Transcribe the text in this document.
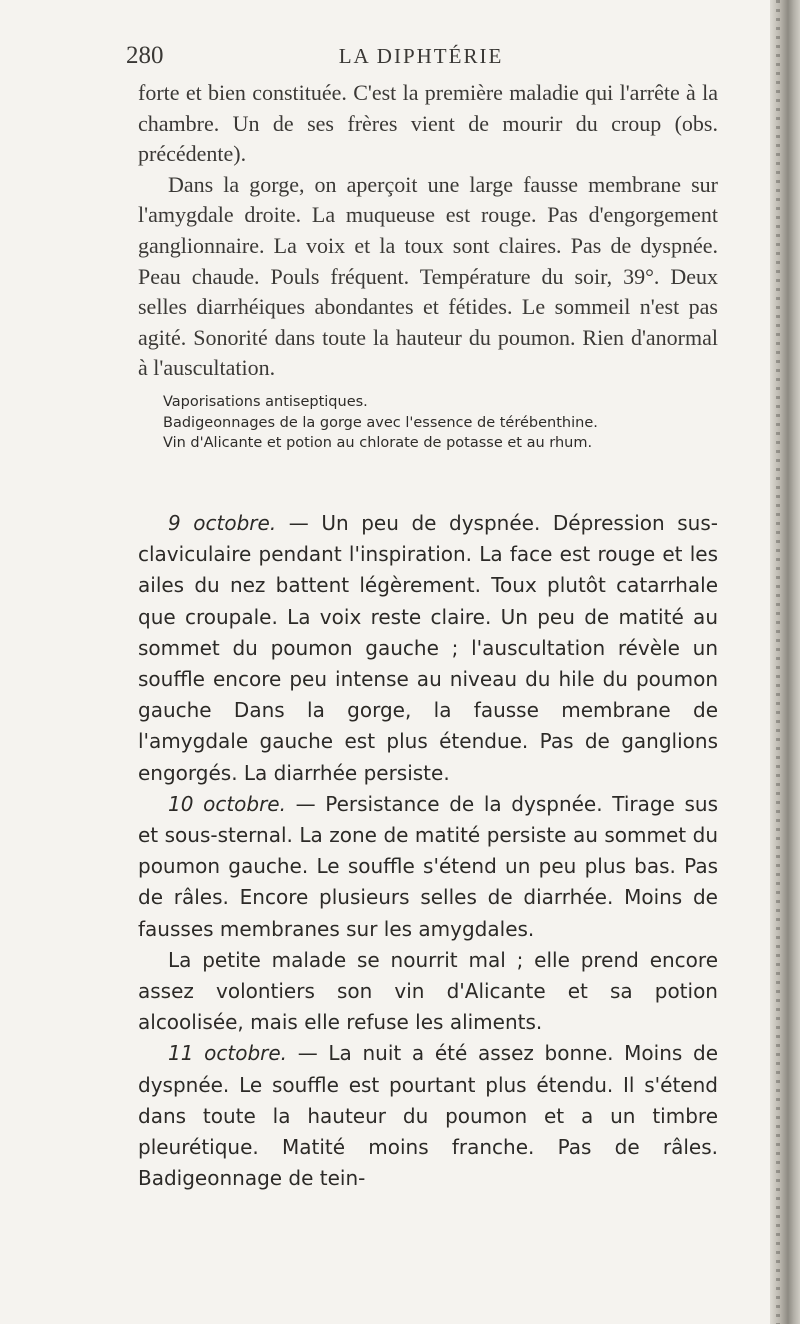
280	LA DIPHTÉRIE

forte et bien constituée. C'est la première maladie qui l'arrête à la chambre. Un de ses frères vient de mourir du croup (obs. précédente).

Dans la gorge, on aperçoit une large fausse membrane sur l'amygdale droite. La muqueuse est rouge. Pas d'engorgement ganglionnaire. La voix et la toux sont claires. Pas de dyspnée. Peau chaude. Pouls fréquent. Température du soir, 39°. Deux selles diarrhéiques abondantes et fétides. Le sommeil n'est pas agité. Sonorité dans toute la hauteur du poumon. Rien d'anormal à l'auscultation.

Vaporisations antiseptiques.

Badigeonnages de la gorge avec l'essence de térébenthine.

Vin d'Alicante et potion au chlorate de potasse et au rhum.

9 octobre. — Un peu de dyspnée. Dépression sus-claviculaire pendant l'inspiration. La face est rouge et les ailes du nez battent légèrement. Toux plutôt catarrhale que croupale. La voix reste claire. Un peu de matité au sommet du poumon gauche ; l'auscultation révèle un souffle encore peu intense au niveau du hile du poumon gauche Dans la gorge, la fausse membrane de l'amygdale gauche est plus étendue. Pas de ganglions engorgés. La diarrhée persiste.

10 octobre. — Persistance de la dyspnée. Tirage sus et sous-sternal. La zone de matité persiste au sommet du poumon gauche. Le souffle s'étend un peu plus bas. Pas de râles. Encore plusieurs selles de diarrhée. Moins de fausses membranes sur les amygdales.

La petite malade se nourrit mal ; elle prend encore assez volontiers son vin d'Alicante et sa potion alcoolisée, mais elle refuse les aliments.

11 octobre. — La nuit a été assez bonne. Moins de dyspnée. Le souffle est pourtant plus étendu. Il s'étend dans toute la hauteur du poumon et a un timbre pleurétique. Matité moins franche. Pas de râles. Badigeonnage de tein-
